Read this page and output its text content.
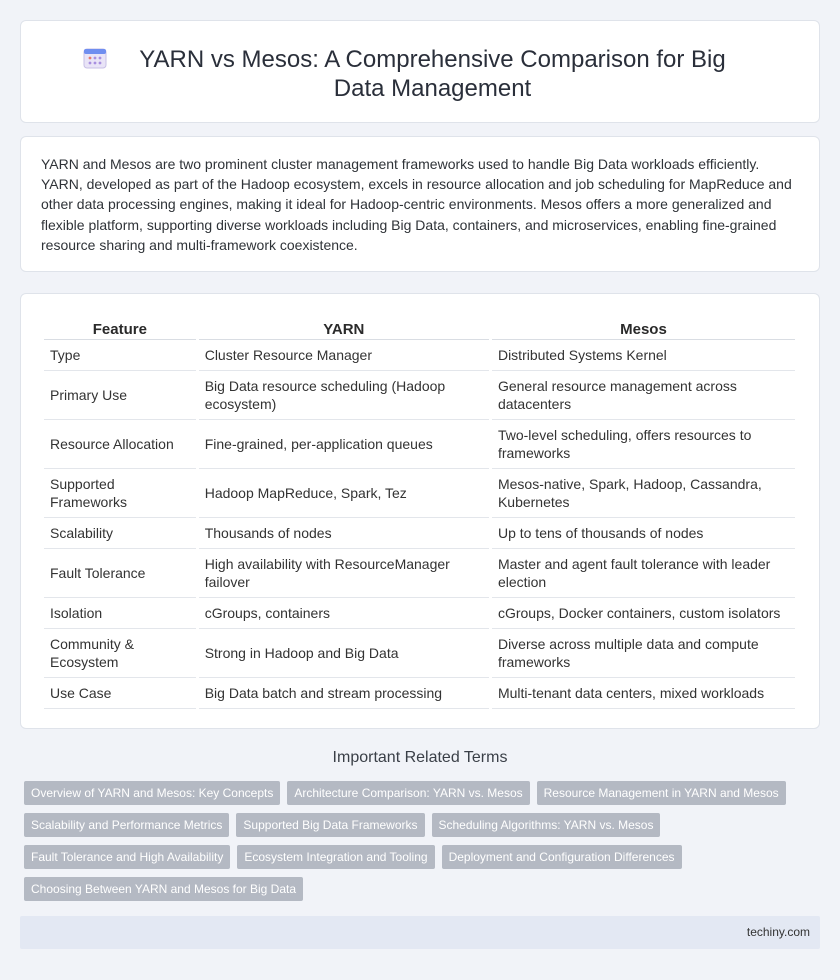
YARN vs Mesos: A Comprehensive Comparison for Big Data Management

YARN and Mesos are two prominent cluster management frameworks used to handle Big Data workloads efficiently. YARN, developed as part of the Hadoop ecosystem, excels in resource allocation and job scheduling for MapReduce and other data processing engines, making it ideal for Hadoop-centric environments. Mesos offers a more generalized and flexible platform, supporting diverse workloads including Big Data, containers, and microservices, enabling fine-grained resource sharing and multi-framework coexistence.

Feature	YARN	Mesos
Type	Cluster Resource Manager	Distributed Systems Kernel
Primary Use	Big Data resource scheduling (Hadoop ecosystem)	General resource management across datacenters
Resource Allocation	Fine-grained, per-application queues	Two-level scheduling, offers resources to frameworks
Supported Frameworks	Hadoop MapReduce, Spark, Tez	Mesos-native, Spark, Hadoop, Cassandra, Kubernetes
Scalability	Thousands of nodes	Up to tens of thousands of nodes
Fault Tolerance	High availability with ResourceManager failover	Master and agent fault tolerance with leader election
Isolation	cGroups, containers	cGroups, Docker containers, custom isolators
Community & Ecosystem	Strong in Hadoop and Big Data	Diverse across multiple data and compute frameworks
Use Case	Big Data batch and stream processing	Multi-tenant data centers, mixed workloads
Important Related Terms
Overview of YARN and Mesos: Key Concepts	Architecture Comparison: YARN vs. Mesos	Resource Management in YARN and Mesos
Scalability and Performance Metrics	Supported Big Data Frameworks	Scheduling Algorithms: YARN vs. Mesos
Fault Tolerance and High Availability	Ecosystem Integration and Tooling	Deployment and Configuration Differences
Choosing Between YARN and Mesos for Big Data
techiny.com
